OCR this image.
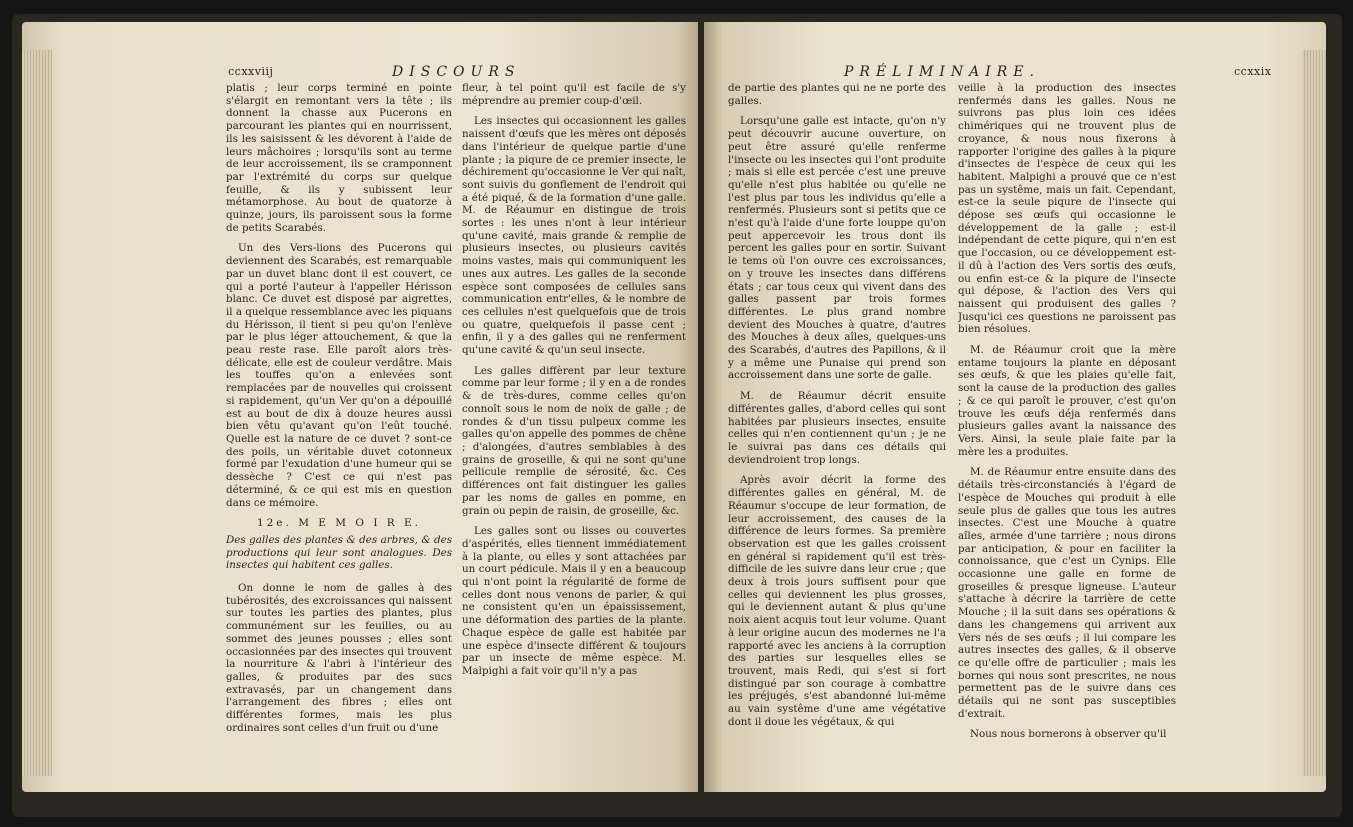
ccxxviij	DISCOURS

platis ; leur corps terminé en pointe s'élargit en remontant vers la tête ; ils donnent la chasse aux Pucerons en parcourant les plantes qui en nourrissent, ils les saisissent & les dévorent à l'aide de leurs mâchoires ; lorsqu'ils sont au terme de leur accroissement, ils se cramponnent par l'extrémité du corps sur quelque feuille, & ils y subissent leur métamorphose. Au bout de quatorze à quinze, jours, ils paroissent sous la forme de petits Scarabés.

Un des Vers-lions des Pucerons qui deviennent des Scarabés, est remarquable par un duvet blanc dont il est couvert, ce qui a porté l'auteur à l'appeller Hérisson blanc. Ce duvet est disposé par aigrettes, il a quelque ressemblance avec les piquans du Hérisson, il tient si peu qu'on l'enlève par le plus léger attouchement, & que la peau reste rase. Elle paroît alors très-délicate, elle est de couleur verdâtre. Mais les touffes qu'on a enlevées sont remplacées par de nouvelles qui croissent si rapidement, qu'un Ver qu'on a dépouillé est au bout de dix à douze heures aussi bien vêtu qu'avant qu'on l'eût touché. Quelle est la nature de ce duvet ? sont-ce des poils, un véritable duvet cotonneux formé par l'exudation d'une humeur qui se dessèche ? C'est ce qui n'est pas déterminé, & ce qui est mis en question dans ce mémoire.

12e. M E M O I R E.

Des galles des plantes & des arbres, & des productions qui leur sont analogues. Des insectes qui habitent ces galles.

On donne le nom de galles à des tubérosités, des excroissances qui naissent sur toutes les parties des plantes, plus communément sur les feuilles, ou au sommet des jeunes pousses ; elles sont occasionnées par des insectes qui trouvent la nourriture & l'abri à l'intérieur des galles, & produites par des sucs extravasés, par un changement dans l'arrangement des fibres ; elles ont différentes formes, mais les plus ordinaires sont celles d'un fruit ou d'une

fleur, à tel point qu'il est facile de s'y méprendre au premier coup-d'œil.

Les insectes qui occasionnent les galles naissent d'œufs que les mères ont déposés dans l'intérieur de quelque partie d'une plante ; la piqure de ce premier insecte, le déchirement qu'occasionne le Ver qui naît, sont suivis du gonflement de l'endroit qui a été piqué, & de la formation d'une galle. M. de Réaumur en distingue de trois sortes : les unes n'ont à leur intérieur qu'une cavité, mais grande & remplie de plusieurs insectes, ou plusieurs cavités moins vastes, mais qui communiquent les unes aux autres. Les galles de la seconde espèce sont composées de cellules sans communication entr'elles, & le nombre de ces cellules n'est quelquefois que de trois ou quatre, quelquefois il passe cent ; enfin, il y a des galles qui ne renferment qu'une cavité & qu'un seul insecte.

Les galles diffèrent par leur texture comme par leur forme ; il y en a de rondes & de très-dures, comme celles qu'on connoît sous le nom de noix de galle ; de rondes & d'un tissu pulpeux comme les galles qu'on appelle des pommes de chêne ; d'alongées, d'autres semblables à des grains de groseille, & qui ne sont qu'une pellicule remplie de sérosité, &c. Ces différences ont fait distinguer les galles par les noms de galles en pomme, en grain ou pepin de raisin, de groseille, &c.

Les galles sont ou lisses ou couvertes d'aspérités, elles tiennent immédiatement à la plante, ou elles y sont attachées par un court pédicule. Mais il y en a beaucoup qui n'ont point la régularité de forme de celles dont nous venons de parler, & qui ne consistent qu'en un épaississement, une déformation des parties de la plante. Chaque espèce de galle est habitée par une espèce d'insecte différent & toujours par un insecte de même espèce. M. Malpighi a fait voir qu'il n'y a pas

PRÉLIMINAIRE.	ccxxix

de partie des plantes qui ne ne porte des galles.

Lorsqu'une galle est intacte, qu'on n'y peut découvrir aucune ouverture, on peut être assuré qu'elle renferme l'insecte ou les insectes qui l'ont produite ; mais si elle est percée c'est une preuve qu'elle n'est plus habitée ou qu'elle ne l'est plus par tous les individus qu'elle a renfermés. Plusieurs sont si petits que ce n'est qu'à l'aide d'une forte louppe qu'on peut appercevoir les trous dont ils percent les galles pour en sortir. Suivant le tems où l'on ouvre ces excroissances, on y trouve les insectes dans différens états ; car tous ceux qui vivent dans des galles passent par trois formes différentes. Le plus grand nombre devient des Mouches à quatre, d'autres des Mouches à deux aîles, quelques-uns des Scarabés, d'autres des Papillons, & il y a même une Punaise qui prend son accroissement dans une sorte de galle.

M. de Réaumur décrit ensuite différentes galles, d'abord celles qui sont habitées par plusieurs insectes, ensuite celles qui n'en contiennent qu'un ; je ne le suivrai pas dans ces détails qui deviendroient trop longs.

Après avoir décrit la forme des différentes galles en général, M. de Réaumur s'occupe de leur formation, de leur accroissement, des causes de la différence de leurs formes. Sa première observation est que les galles croissent en général si rapidement qu'il est très-difficile de les suivre dans leur crue ; que deux à trois jours suffisent pour que celles qui deviennent les plus grosses, qui le deviennent autant & plus qu'une noix aient acquis tout leur volume. Quant à leur origine aucun des modernes ne l'a rapporté avec les anciens à la corruption des parties sur lesquelles elles se trouvent, mais Redi, qui s'est si fort distingué par son courage à combattre les préjugés, s'est abandonné lui-même au vain systême d'une ame végétative dont il doue les végétaux, & qui

veille à la production des insectes renfermés dans les galles. Nous ne suivrons pas plus loin ces idées chimériques qui ne trouvent plus de croyance, & nous nous fixerons à rapporter l'origine des galles à la piqure d'insectes de l'espèce de ceux qui les habitent. Malpighi a prouvé que ce n'est pas un systême, mais un fait. Cependant, est-ce la seule piqure de l'insecte qui dépose ses œufs qui occasionne le développement de la galle ; est-il indépendant de cette piqure, qui n'en est que l'occasion, ou ce développement est-il dû à l'action des Vers sortis des œufs, ou enfin est-ce & la piqure de l'insecte qui dépose, & l'action des Vers qui naissent qui produisent des galles ? Jusqu'ici ces questions ne paroissent pas bien résolues.

M. de Réaumur croit que la mère entame toujours la plante en déposant ses œufs, & que les plaies qu'elle fait, sont la cause de la production des galles ; & ce qui paroît le prouver, c'est qu'on trouve les œufs déja renfermés dans plusieurs galles avant la naissance des Vers. Ainsi, la seule plaie faite par la mère les a produites.

M. de Réaumur entre ensuite dans des détails très-circonstanciés à l'égard de l'espèce de Mouches qui produit à elle seule plus de galles que tous les autres insectes. C'est une Mouche à quatre aîles, armée d'une tarrière ; nous dirons par anticipation, & pour en faciliter la connoissance, que c'est un Cynips. Elle occasionne une galle en forme de groseilles & presque ligneuse. L'auteur s'attache à décrire la tarrière de cette Mouche ; il la suit dans ses opérations & dans les changemens qui arrivent aux Vers nés de ses œufs ; il lui compare les autres insectes des galles, & il observe ce qu'elle offre de particulier ; mais les bornes qui nous sont prescrites, ne nous permettent pas de le suivre dans ces détails qui ne sont pas susceptibles d'extrait.

Nous nous bornerons à observer qu'il
